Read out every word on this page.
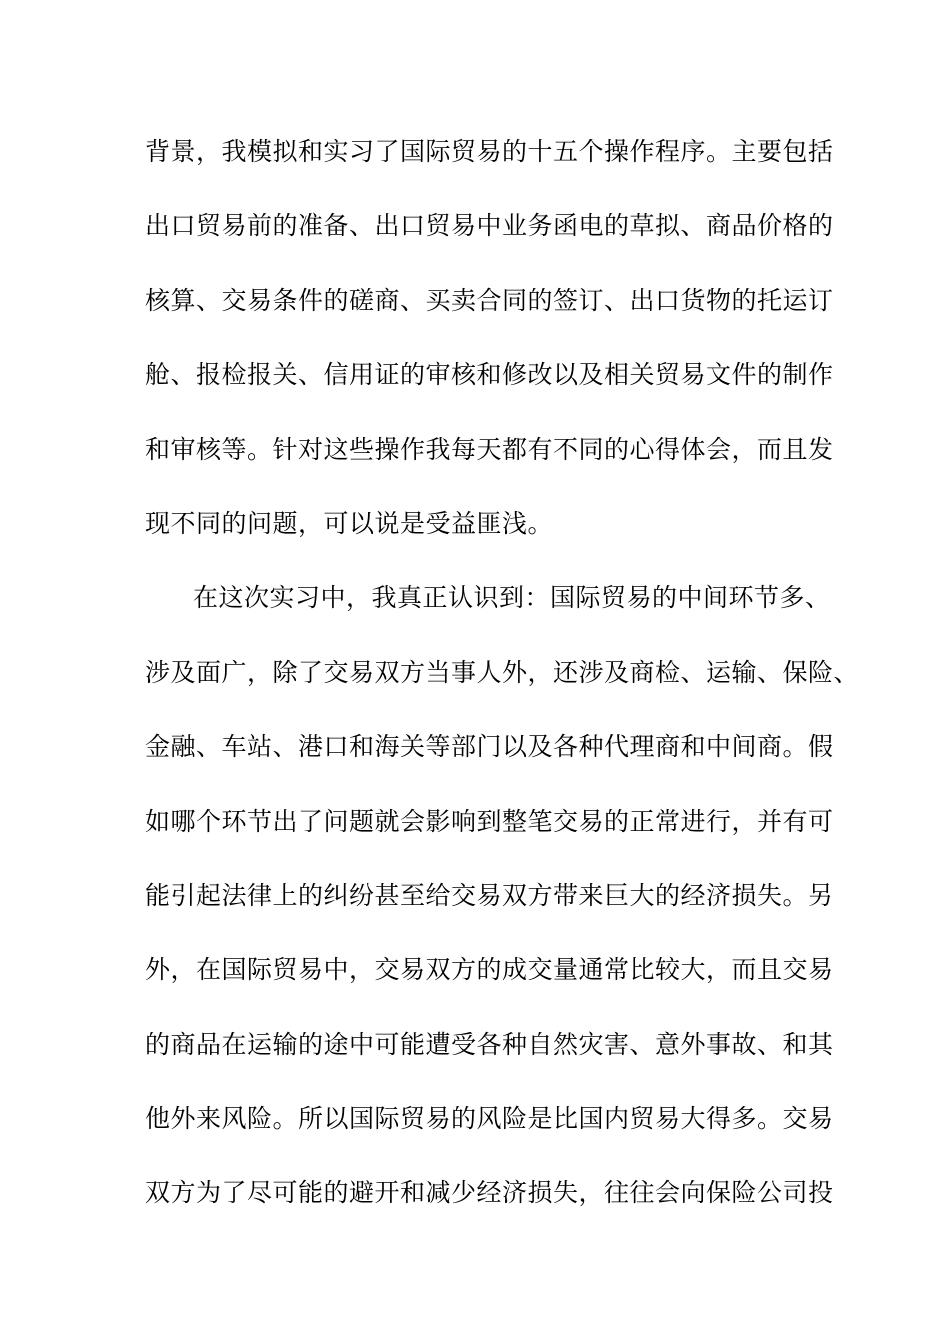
背景，我模拟和实习了国际贸易的十五个操作程序。主要包括
出口贸易前的准备、出口贸易中业务函电的草拟、商品价格的
核算、交易条件的磋商、买卖合同的签订、出口货物的托运订
舱、报检报关、信用证的审核和修改以及相关贸易文件的制作
和审核等。针对这些操作我每天都有不同的心得体会，而且发
现不同的问题，可以说是受益匪浅。
在这次实习中，我真正认识到：国际贸易的中间环节多、
涉及面广，除了交易双方当事人外，还涉及商检、运输、保险、
金融、车站、港口和海关等部门以及各种代理商和中间商。假
如哪个环节出了问题就会影响到整笔交易的正常进行，并有可
能引起法律上的纠纷甚至给交易双方带来巨大的经济损失。另
外，在国际贸易中，交易双方的成交量通常比较大，而且交易
的商品在运输的途中可能遭受各种自然灾害、意外事故、和其
他外来风险。所以国际贸易的风险是比国内贸易大得多。交易
双方为了尽可能的避开和减少经济损失，往往会向保险公司投
